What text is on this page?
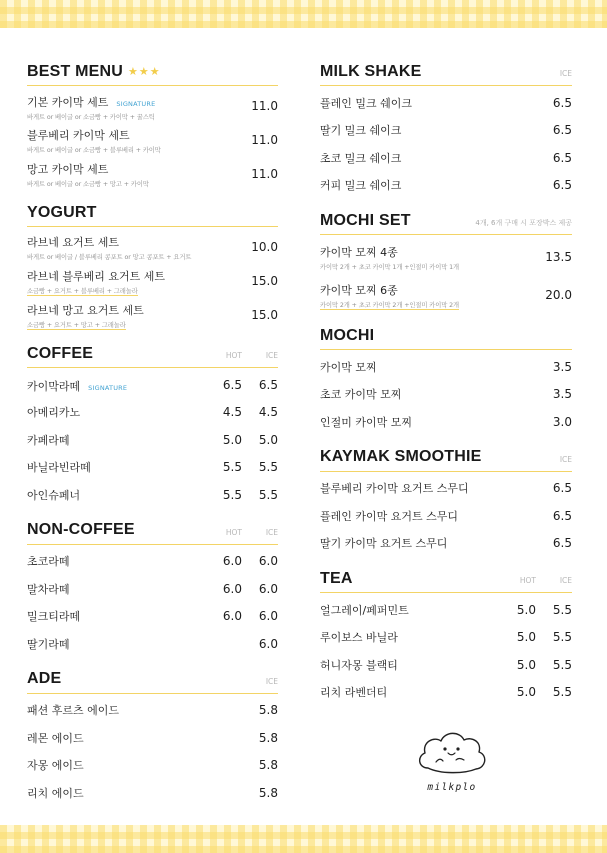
BEST MENU ★★★
기본 카이막 세트 SIGNATURE
바게트 or 베이글 or 소금빵 + 카이막 + 꿀스틱
11.0
블루베리 카이막 세트
바게트 or 베이글 or 소금빵 + 블루베리 + 카이막
11.0
망고 카이막 세트
바게트 or 베이글 or 소금빵 + 망고 + 카이막
11.0
YOGURT
라브네 요거트 세트
바게트 or 베이글 / 블루베리 콩포트 or 망고 콩포트 + 요거트
10.0
라브네 블루베리 요거트 세트
소금빵 + 요거트 + 블루베리 + 그래놀라
15.0
라브네 망고 요거트 세트
소금빵 + 요거트 + 망고 + 그래놀라
15.0
COFFEE	HOT	ICE
카이막라떼 SIGNATURE	6.5	6.5
아메리카노	4.5	4.5
카페라떼	5.0	5.0
바닐라빈라떼	5.5	5.5
아인슈페너	5.5	5.5
NON-COFFEE	HOT	ICE
초코라떼	6.0	6.0
말차라떼	6.0	6.0
밀크티라떼	6.0	6.0
딸기라떼	6.0
ADE	ICE
패션 후르츠 에이드	5.8
레몬 에이드	5.8
자몽 에이드	5.8
리치 에이드	5.8
MILK SHAKE	ICE
플레인 밀크 쉐이크	6.5
딸기 밀크 쉐이크	6.5
초코 밀크 쉐이크	6.5
커피 밀크 쉐이크	6.5
MOCHI SET	4개, 6개 구매 시 포장박스 제공
카이막 모찌 4종
카이막 2개 + 초코 카이막 1개 +인절미 카이막 1개
13.5
카이막 모찌 6종
카이막 2개 + 초코 카이막 2개 +인절미 카이막 2개
20.0
MOCHI
카이막 모찌	3.5
초코 카이막 모찌	3.5
인절미 카이막 모찌	3.0
KAYMAK SMOOTHIE	ICE
블루베리 카이막 요거트 스무디	6.5
플레인 카이막 요거트 스무디	6.5
딸기 카이막 요거트 스무디	6.5
TEA	HOT	ICE
얼그레이/페퍼민트	5.0	5.5
루이보스 바닐라	5.0	5.5
허니자몽 블랙티	5.0	5.5
리치 라벤더티	5.0	5.5
milkplo
